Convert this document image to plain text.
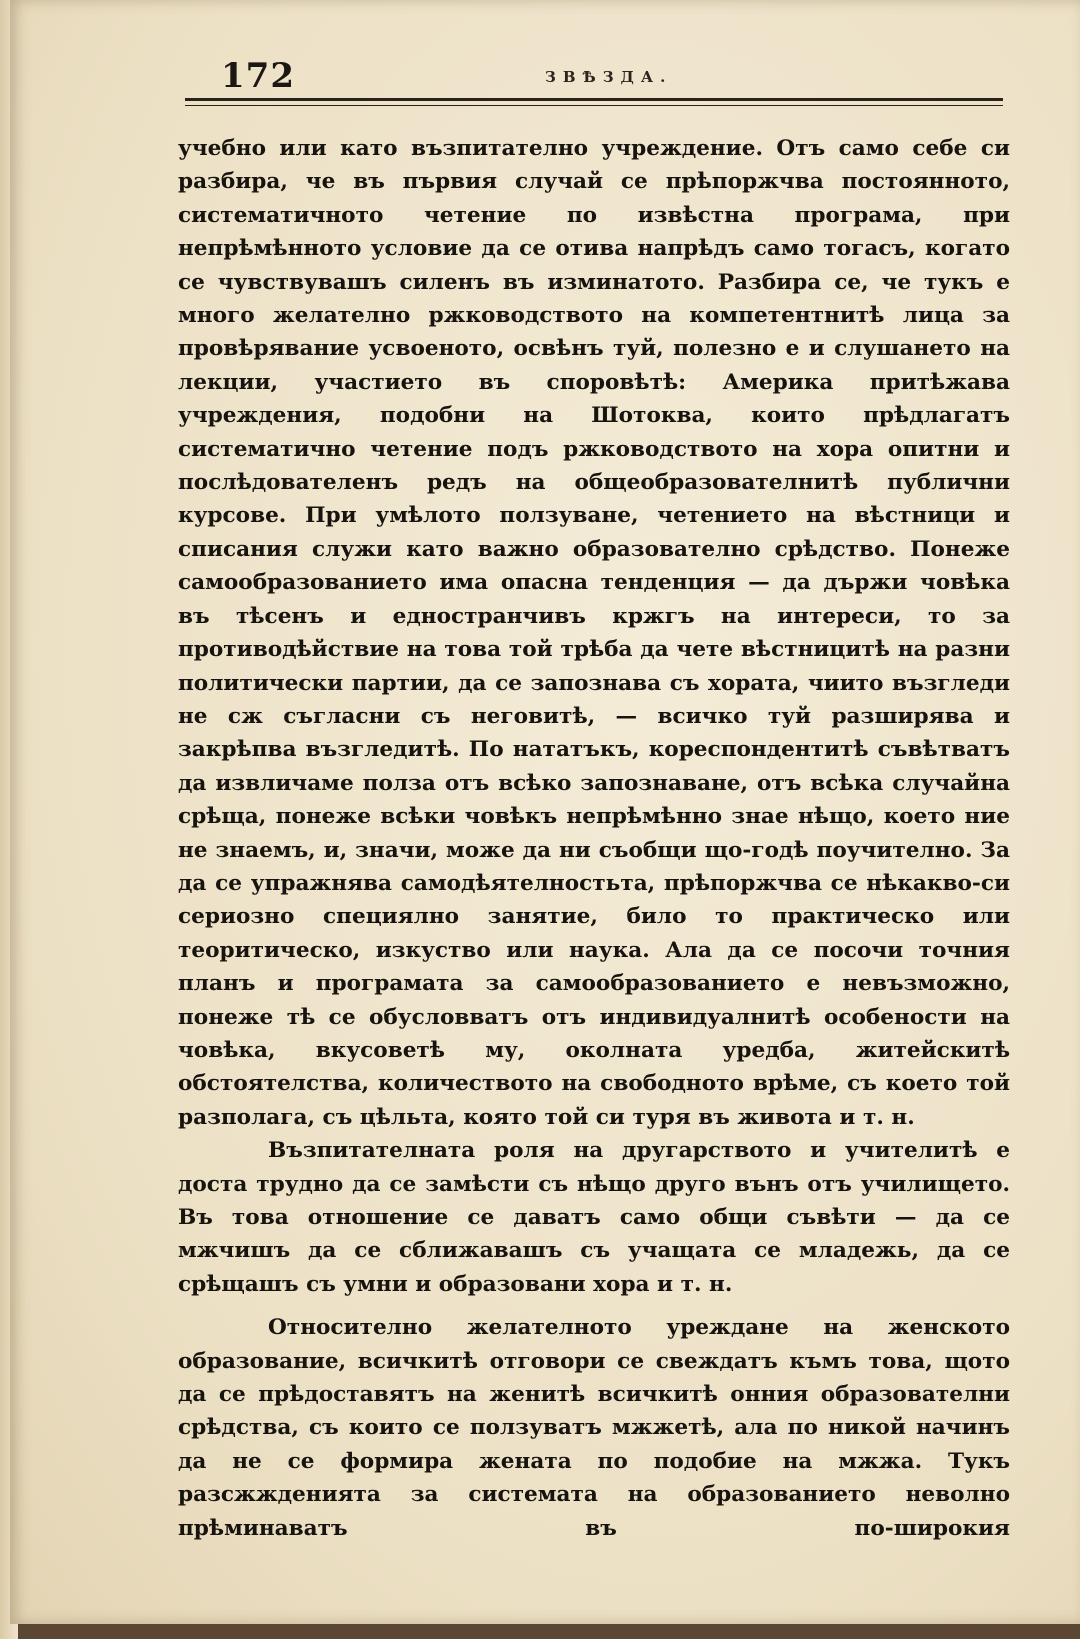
172	ЗВѢЗДА.

учебно или като възпитателно учреждение. Отъ само себе си разбира, че въ първия случай се прѣпоржчва постоянното, систематичното четение по извѣстна програма, при непрѣмѣнното условие да се отива напрѣдъ само тогасъ, когато се чувствувашъ силенъ въ изминатото. Разбира се, че тукъ е много желателно ржководството на компетентнитѣ лица за провѣрявание усвоеното, освѣнъ туй, полезно е и слушането на лекции, участието въ споровѣтѣ: Америка притѣжава учреждения, подобни на Шотоква, които прѣдлагатъ систематично четение подъ ржководството на хора опитни и послѣдователенъ редъ на общеобразователнитѣ публични курсове. При умѣлото ползуване, четението на вѣстници и списания служи като важно образователно срѣдство. Понеже самообразованието има опасна тенденция — да държи човѣка въ тѣсенъ и едностранчивъ кржгъ на интереси, то за противодѣйствие на това той трѣба да чете вѣстницитѣ на разни политически партии, да се запознава съ хората, чиито възгледи не сж съгласни съ неговитѣ, — всичко туй разширява и закрѣпва възгледитѣ. По нататъкъ, кореспондентитѣ съвѣтватъ да извличаме полза отъ всѣко запознаване, отъ всѣка случайна срѣща, понеже всѣки човѣкъ непрѣмѣнно знае нѣщо, което ние не знаемъ, и, значи, може да ни съобщи що-годѣ поучително. За да се упражнява самодѣятелностьта, прѣпоржчва се нѣкакво-си сериозно специялно занятие, било то практическо или теоритическо, изкуство или наука. Ала да се посочи точния планъ и програмата за самообразованието е невъзможно, понеже тѣ се обусловватъ отъ индивидуалнитѣ особености на човѣка, вкусоветѣ му, околната уредба, житейскитѣ обстоятелства, количеството на свободното врѣме, съ което той разполага, съ цѣльта, която той си туря въ живота и т. н.

Възпитателната роля на другарството и учителитѣ е доста трудно да се замѣсти съ нѣщо друго вънъ отъ училището. Въ това отношение се даватъ само общи съвѣти — да се мжчишъ да се сближавашъ съ учащата се младежь, да се срѣщашъ съ умни и образовани хора и т. н.

Относително желателното уреждане на женското образование, всичкитѣ отговори се свеждатъ къмъ това, щото да се прѣдоставятъ на женитѣ всичкитѣ онния образователни срѣдства, съ които се ползуватъ мжжетѣ, ала по никой начинъ да не се формира жената по подобие на мжжа. Тукъ разсжжденията за системата на образованието неволно прѣминаватъ въ по-широкия
